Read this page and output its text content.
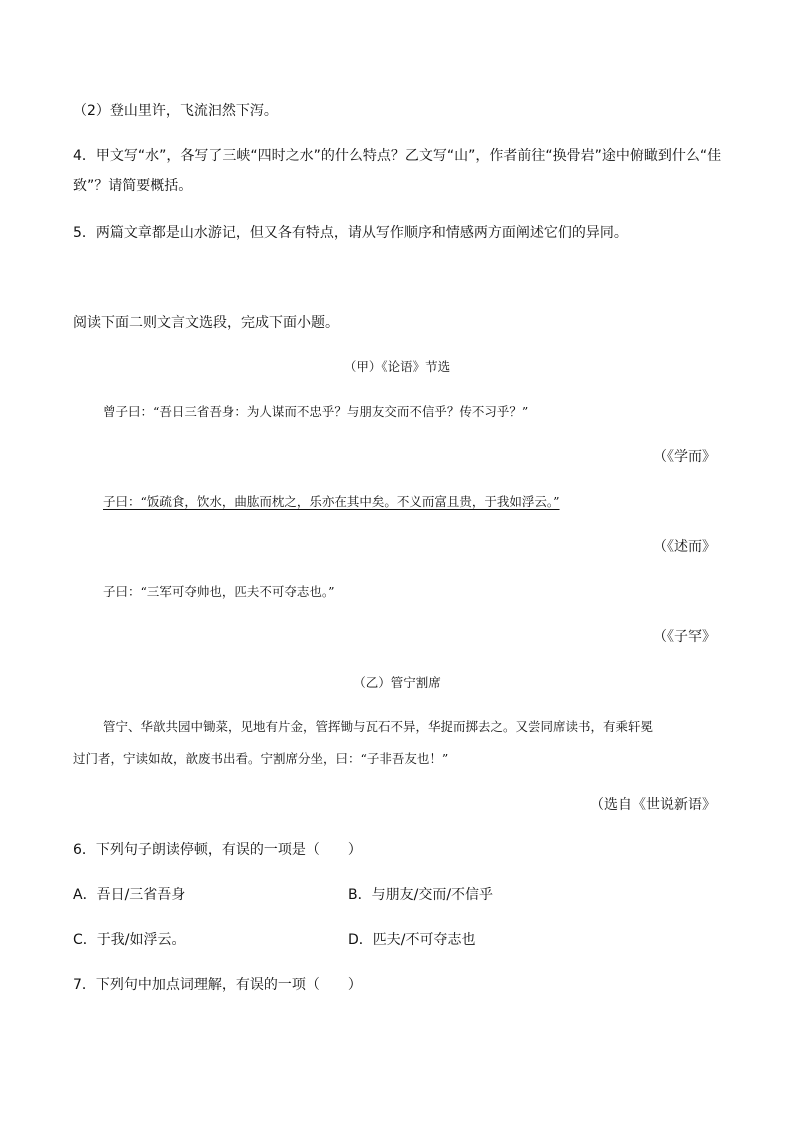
（2）登山里许，飞流汩然下泻。
4．甲文写“水”，各写了三峡“四时之水”的什么特点？乙文写“山”，作者前往“换骨岩”途中俯瞰到什么“佳
致”？请简要概括。
5．两篇文章都是山水游记，但又各有特点，请从写作顺序和情感两方面阐述它们的异同。
阅读下面二则文言文选段，完成下面小题。
（甲）《论语》节选
曾子曰：“吾日三省吾身：为人谋而不忠乎？与朋友交而不信乎？传不习乎？”
（《学而》
子曰：“饭疏食，饮水，曲肱而枕之，乐亦在其中矣。不义而富且贵，于我如浮云。”
（《述而》
子曰：“三军可夺帅也，匹夫不可夺志也。”
（《子罕》
（乙）管宁割席
管宁、华歆共园中锄菜，见地有片金，管挥锄与瓦石不异，华捉而掷去之。又尝同席读书，有乘轩冕
过门者，宁读如故，歆废书出看。宁割席分坐，曰：“子非吾友也！”
（选自《世说新语》
6．下列句子朗读停顿，有误的一项是（　　）
A．吾日/三省吾身	B．与朋友/交而/不信乎
C．于我/如浮云。	D．匹夫/不可夺志也
7．下列句中加点词理解，有误的一项（　　）
